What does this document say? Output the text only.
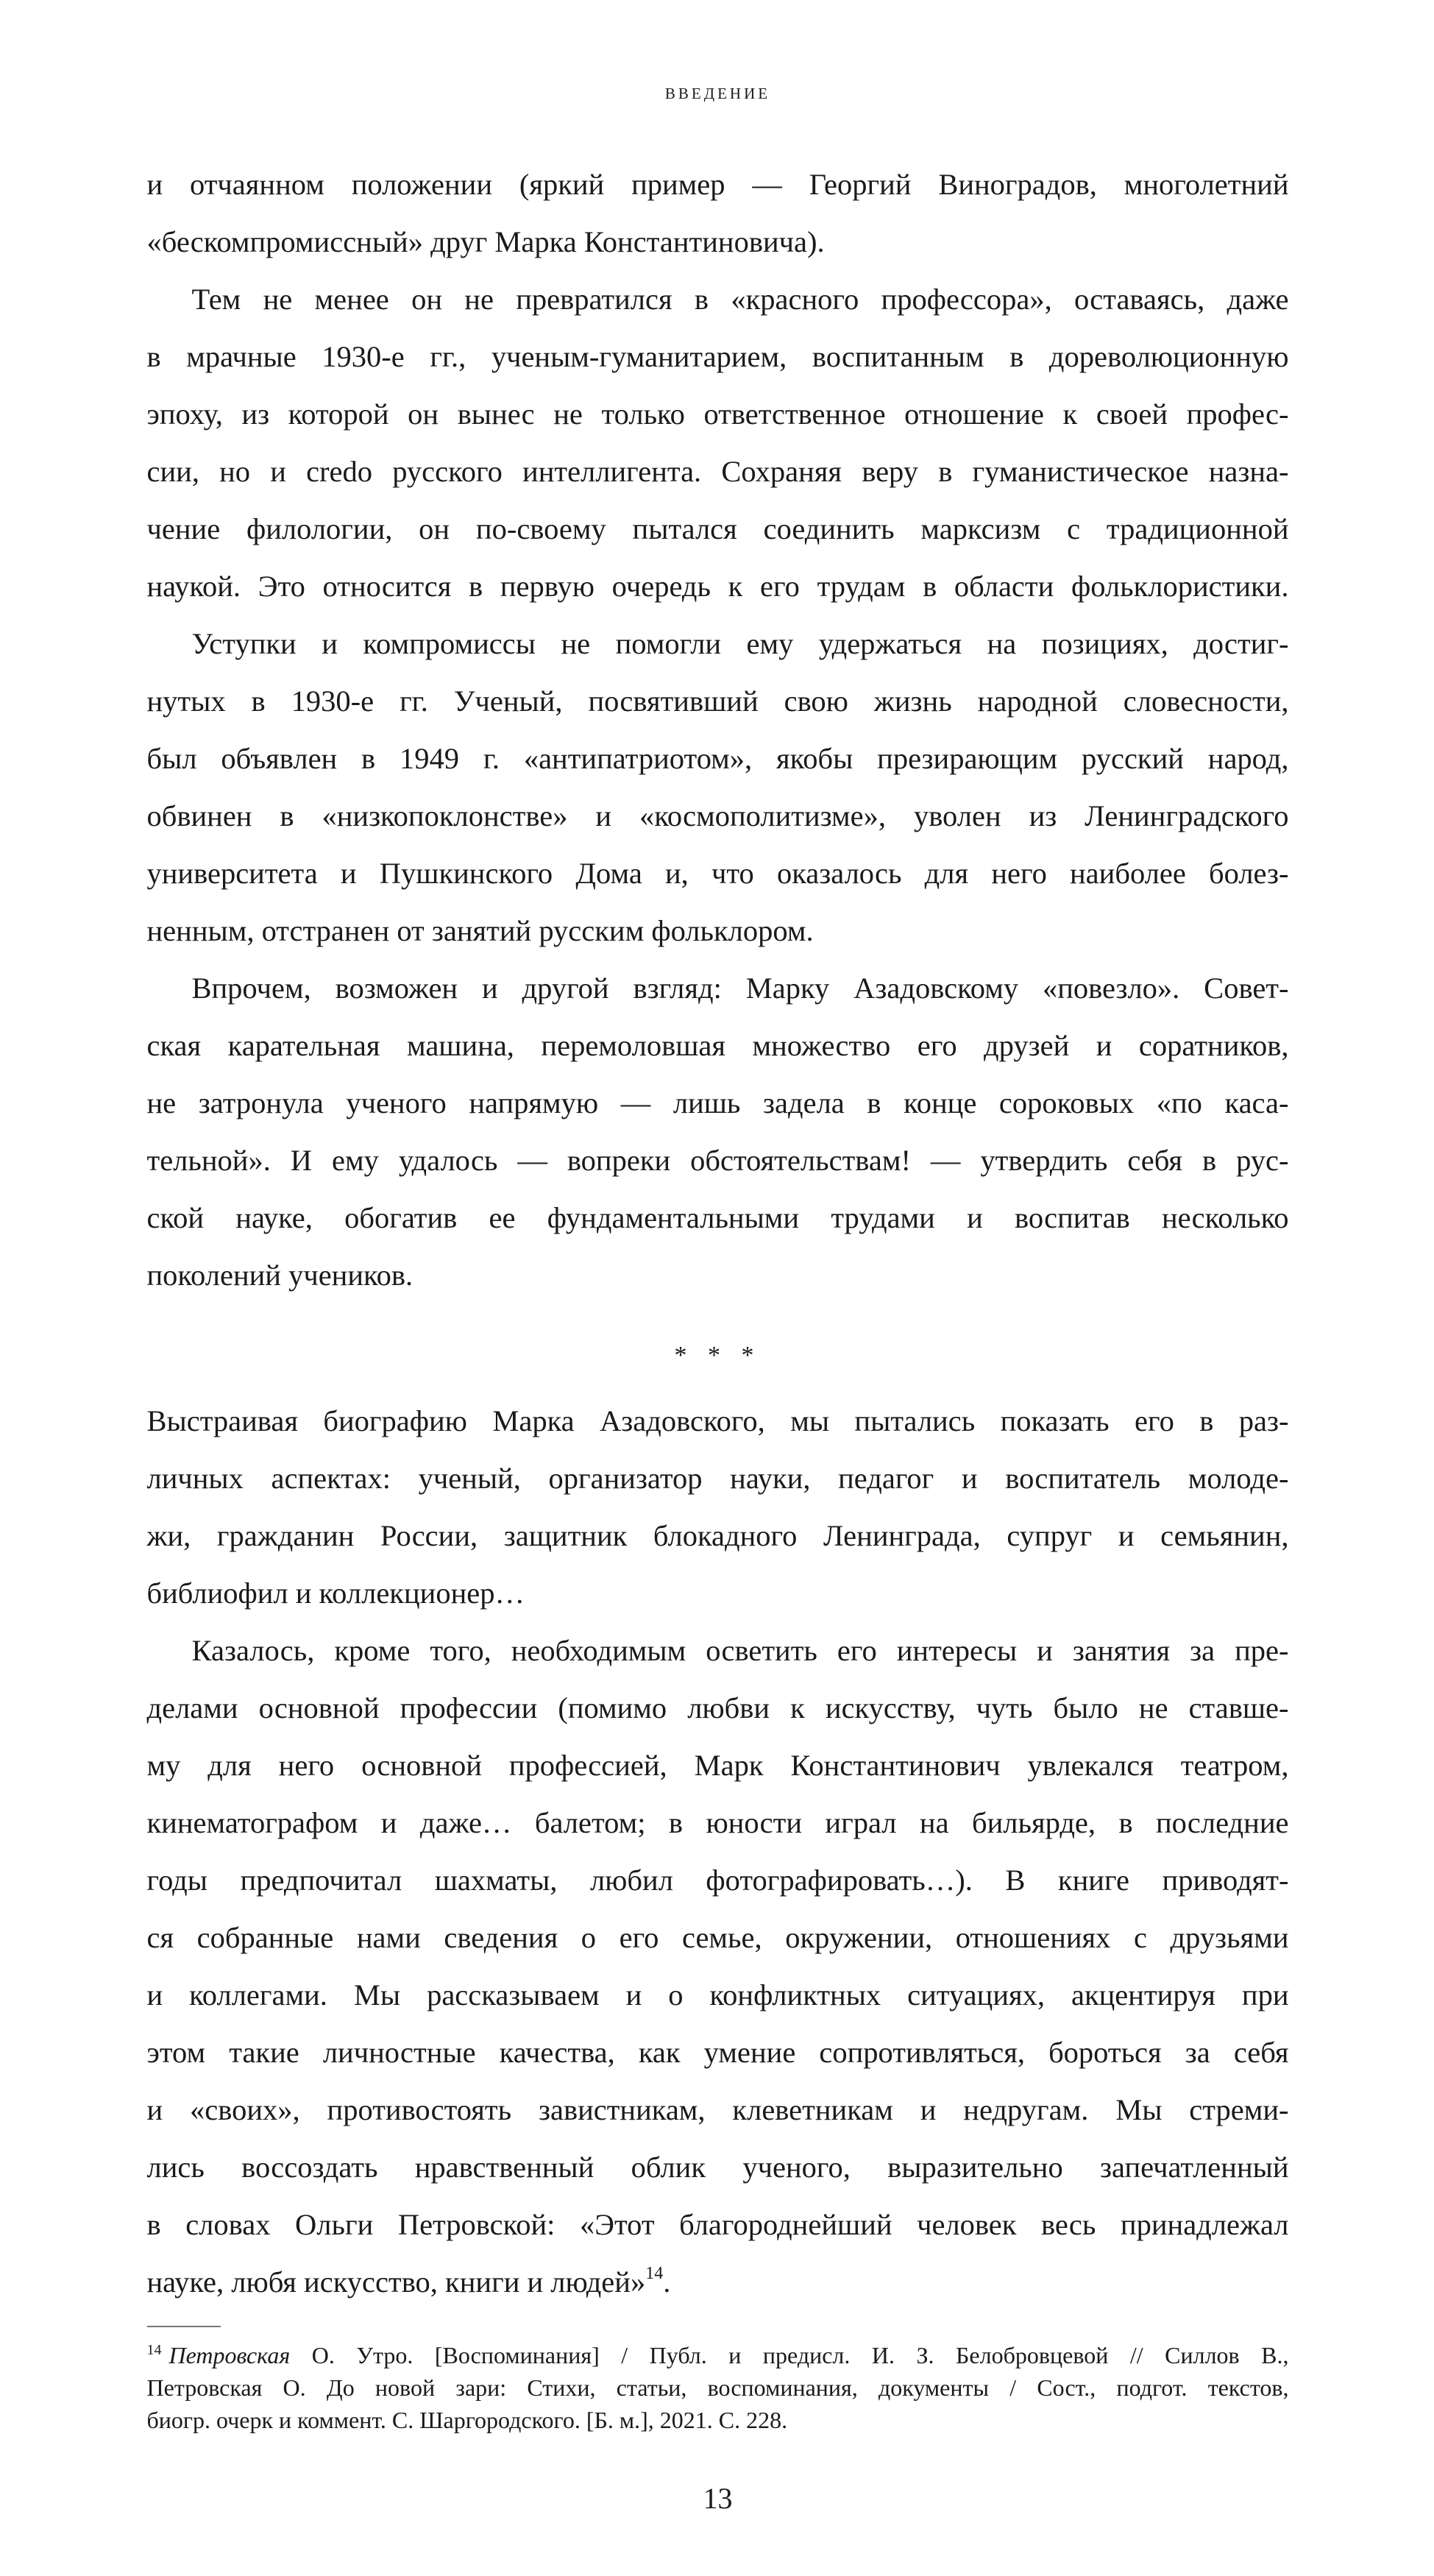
ВВЕДЕНИЕ
и отчаянном положении (яркий пример — Георгий Виноградов, многолетний
«бескомпромиссный» друг Марка Константиновича).
Тем не менее он не превратился в «красного профессора», оставаясь, даже
в мрачные 1930-е гг., ученым-гуманитарием, воспитанным в дореволюционную
эпоху, из которой он вынес не только ответственное отношение к своей профес-
сии, но и credo русского интеллигента. Сохраняя веру в гуманистическое назна-
чение филологии, он по-своему пытался соединить марксизм с традиционной
наукой. Это относится в первую очередь к его трудам в области фольклористики.
Уступки и компромиссы не помогли ему удержаться на позициях, достиг-
нутых в 1930-е гг. Ученый, посвятивший свою жизнь народной словесности,
был объявлен в 1949 г. «антипатриотом», якобы презирающим русский народ,
обвинен в «низкопоклонстве» и «космополитизме», уволен из Ленинградского
университета и Пушкинского Дома и, что оказалось для него наиболее болез-
ненным, отстранен от занятий русским фольклором.
Впрочем, возможен и другой взгляд: Марку Азадовскому «повезло». Совет-
ская карательная машина, перемоловшая множество его друзей и соратников,
не затронула ученого напрямую — лишь задела в конце сороковых «по каса-
тельной». И ему удалось — вопреки обстоятельствам! — утвердить себя в рус-
ской науке, обогатив ее фундаментальными трудами и воспитав несколько
поколений учеников.
* * *
Выстраивая биографию Марка Азадовского, мы пытались показать его в раз-
личных аспектах: ученый, организатор науки, педагог и воспитатель молоде-
жи, гражданин России, защитник блокадного Ленинграда, супруг и семьянин,
библиофил и коллекционер…
Казалось, кроме того, необходимым осветить его интересы и занятия за пре-
делами основной профессии (помимо любви к искусству, чуть было не ставше-
му для него основной профессией, Марк Константинович увлекался театром,
кинематографом и даже… балетом; в юности играл на бильярде, в последние
годы предпочитал шахматы, любил фотографировать…). В книге приводят-
ся собранные нами сведения о его семье, окружении, отношениях с друзьями
и коллегами. Мы рассказываем и о конфликтных ситуациях, акцентируя при
этом такие личностные качества, как умение сопротивляться, бороться за себя
и «своих», противостоять завистникам, клеветникам и недругам. Мы стреми-
лись воссоздать нравственный облик ученого, выразительно запечатленный
в словах Ольги Петровской: «Этот благороднейший человек весь принадлежал
науке, любя искусство, книги и людей»$^{14}$.
$^{14}$ Петровская О. Утро. [Воспоминания] / Публ. и предисл. И. З. Белобровцевой // Силлов В.,
Петровская О. До новой зари: Стихи, статьи, воспоминания, документы / Сост., подгот. текстов,
биогр. очерк и коммент. С. Шаргородского. [Б. м.], 2021. С. 228.
13
